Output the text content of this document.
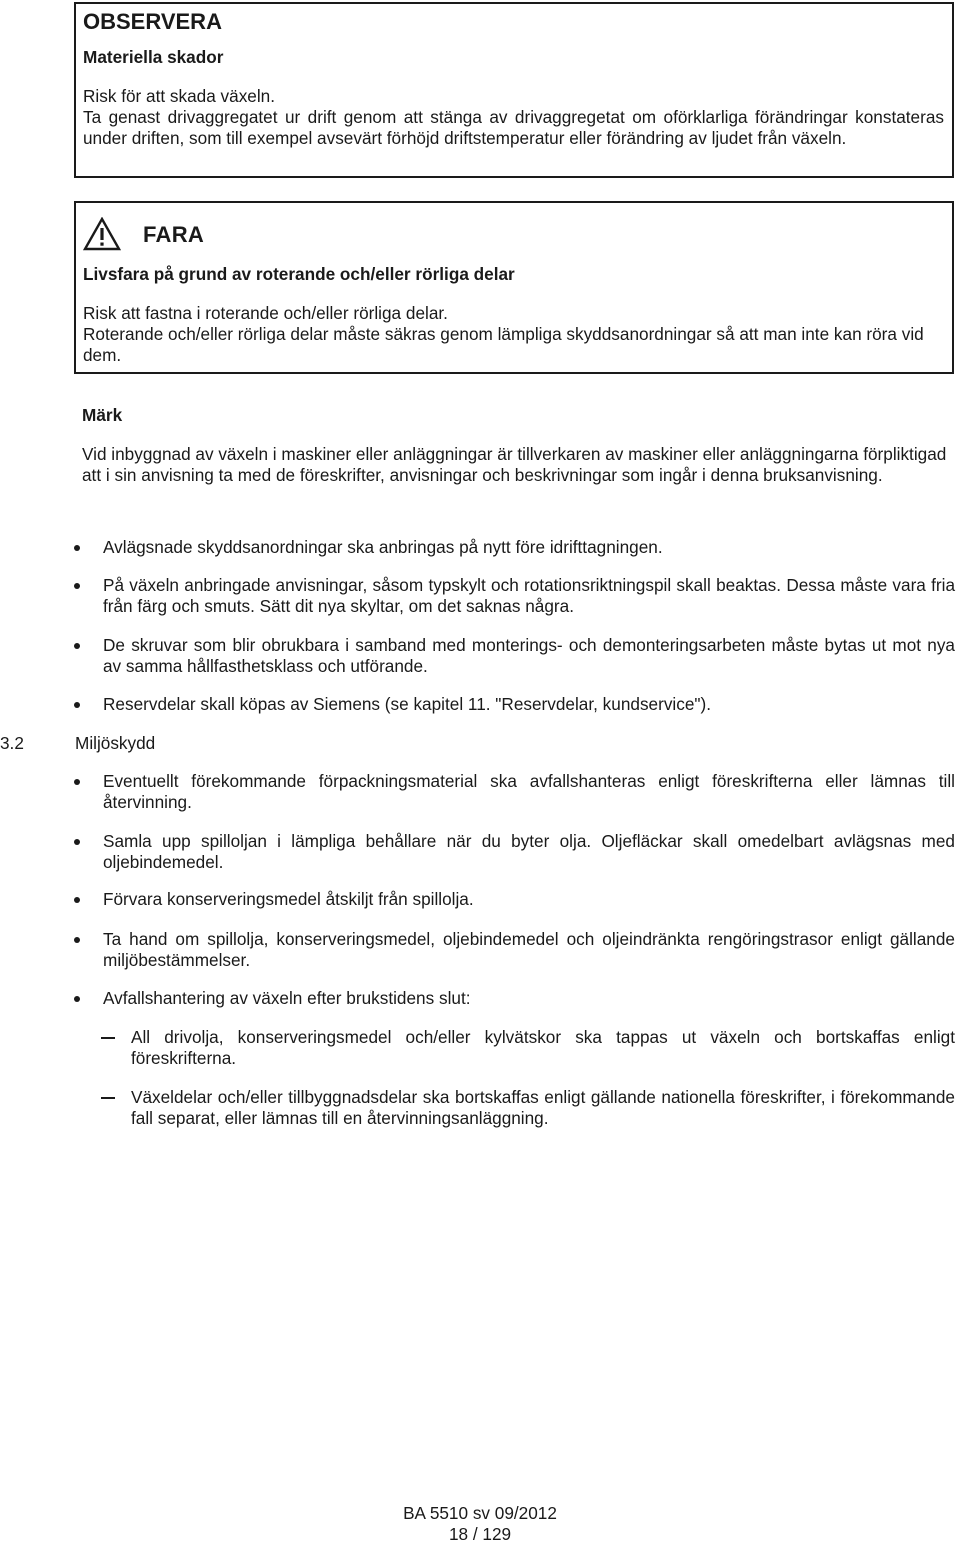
OBSERVERA
Materiella skador
Risk för att skada växeln.
Ta genast drivaggregatet ur drift genom att stänga av drivaggregetat om oförklarliga förändringar konstateras under driften, som till exempel avsevärt förhöjd driftstemperatur eller förändring av ljudet från växeln.
FARA
Livsfara på grund av roterande och/eller rörliga delar
Risk att fastna i roterande och/eller rörliga delar.
Roterande och/eller rörliga delar måste säkras genom lämpliga skyddsanordningar så att man inte kan röra vid dem.
Märk
Vid inbyggnad av växeln i maskiner eller anläggningar är tillverkaren av maskiner eller anläggningarna förpliktigad att i sin anvisning ta med de föreskrifter, anvisningar och beskrivningar som ingår i denna bruksanvisning.
Avlägsnade skyddsanordningar ska anbringas på nytt före idrifttagningen.
På växeln anbringade anvisningar, såsom typskylt och rotationsriktningspil skall beaktas. Dessa måste vara fria från färg och smuts. Sätt dit nya skyltar, om det saknas några.
De skruvar som blir obrukbara i samband med monterings- och demonteringsarbeten måste bytas ut mot nya av samma hållfasthetsklass och utförande.
Reservdelar skall köpas av Siemens (se kapitel 11. "Reservdelar, kundservice").
3.2	Miljöskydd
Eventuellt förekommande förpackningsmaterial ska avfallshanteras enligt föreskrifterna eller lämnas till återvinning.
Samla upp spilloljan i lämpliga behållare när du byter olja. Oljefläckar skall omedelbart avlägsnas med oljebindemedel.
Förvara konserveringsmedel åtskiljt från spillolja.
Ta hand om spillolja, konserveringsmedel, oljebindemedel och oljeindränkta rengöringstrasor enligt gällande miljöbestämmelser.
Avfallshantering av växeln efter brukstidens slut:
All drivolja, konserveringsmedel och/eller kylvätskor ska tappas ut växeln och bortskaffas enligt föreskrifterna.
Växeldelar och/eller tillbyggnadsdelar ska bortskaffas enligt gällande nationella föreskrifter, i förekommande fall separat, eller lämnas till en återvinningsanläggning.
BA 5510 sv 09/2012
18 / 129
